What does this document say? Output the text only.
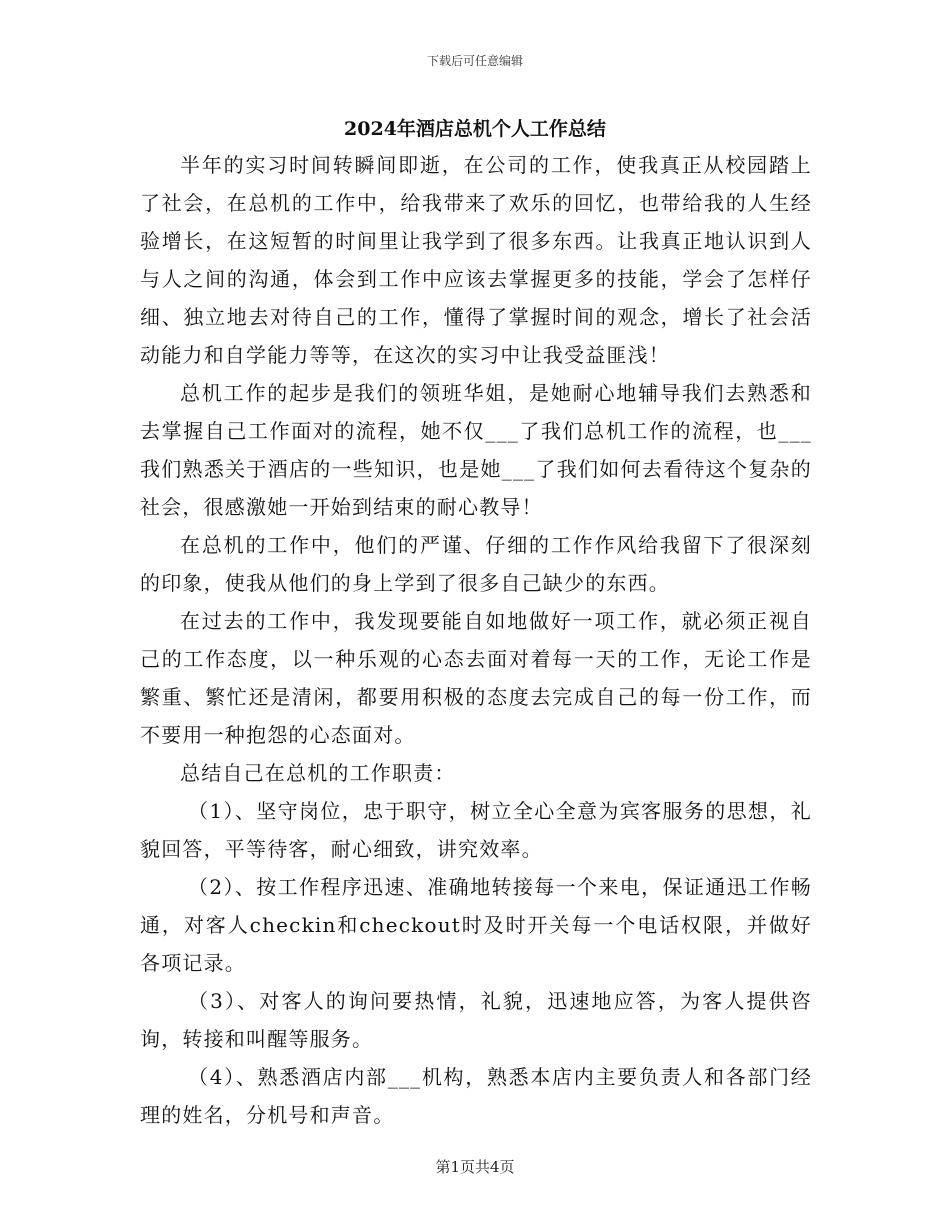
下载后可任意编辑
2024年酒店总机个人工作总结

半年的实习时间转瞬间即逝，在公司的工作，使我真正从校园踏上了社会，在总机的工作中，给我带来了欢乐的回忆，也带给我的人生经验增长，在这短暂的时间里让我学到了很多东西。让我真正地认识到人与人之间的沟通，体会到工作中应该去掌握更多的技能，学会了怎样仔细、独立地去对待自己的工作，懂得了掌握时间的观念，增长了社会活动能力和自学能力等等，在这次的实习中让我受益匪浅！

总机工作的起步是我们的领班华姐，是她耐心地辅导我们去熟悉和去掌握自己工作面对的流程，她不仅___了我们总机工作的流程，也___我们熟悉关于酒店的一些知识，也是她___了我们如何去看待这个复杂的社会，很感激她一开始到结束的耐心教导！

在总机的工作中，他们的严谨、仔细的工作作风给我留下了很深刻的印象，使我从他们的身上学到了很多自己缺少的东西。

在过去的工作中，我发现要能自如地做好一项工作，就必须正视自己的工作态度，以一种乐观的心态去面对着每一天的工作，无论工作是繁重、繁忙还是清闲，都要用积极的态度去完成自己的每一份工作，而不要用一种抱怨的心态面对。

总结自己在总机的工作职责：

（1）、坚守岗位，忠于职守，树立全心全意为宾客服务的思想，礼貌回答，平等待客，耐心细致，讲究效率。

（2）、按工作程序迅速、准确地转接每一个来电，保证通迅工作畅通，对客人checkin和checkout时及时开关每一个电话权限，并做好各项记录。

（3）、对客人的询问要热情，礼貌，迅速地应答，为客人提供咨询，转接和叫醒等服务。

（4）、熟悉酒店内部___机构，熟悉本店内主要负责人和各部门经理的姓名，分机号和声音。

第1页共4页
